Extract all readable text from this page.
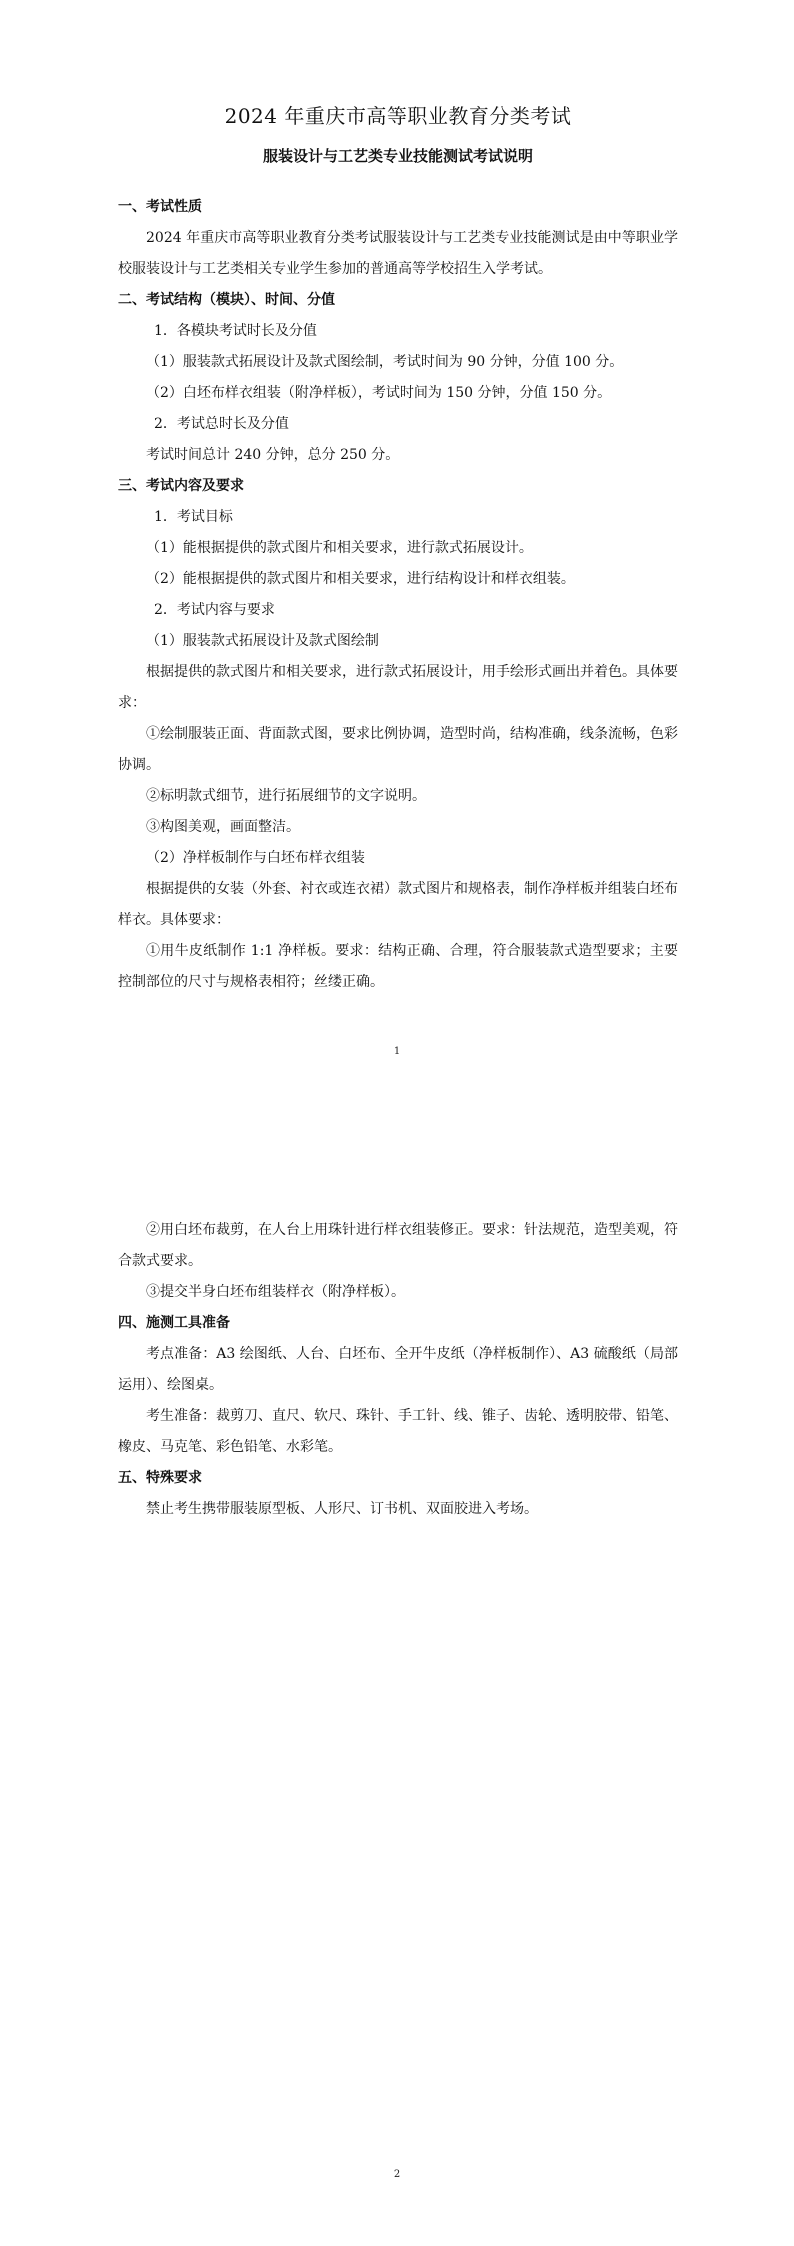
2024 年重庆市高等职业教育分类考试
服装设计与工艺类专业技能测试考试说明

一、考试性质

2024 年重庆市高等职业教育分类考试服装设计与工艺类专业技能测试是由中等职业学校服装设计与工艺类相关专业学生参加的普通高等学校招生入学考试。

二、考试结构（模块）、时间、分值

1．各模块考试时长及分值

（1）服装款式拓展设计及款式图绘制，考试时间为 90 分钟，分值 100 分。

（2）白坯布样衣组装（附净样板），考试时间为 150 分钟，分值 150 分。

2．考试总时长及分值

考试时间总计 240 分钟，总分 250 分。

三、考试内容及要求

1．考试目标

（1）能根据提供的款式图片和相关要求，进行款式拓展设计。

（2）能根据提供的款式图片和相关要求，进行结构设计和样衣组装。

2．考试内容与要求

（1）服装款式拓展设计及款式图绘制

根据提供的款式图片和相关要求，进行款式拓展设计，用手绘形式画出并着色。具体要求：

①绘制服装正面、背面款式图，要求比例协调，造型时尚，结构准确，线条流畅，色彩协调。

②标明款式细节，进行拓展细节的文字说明。

③构图美观，画面整洁。

（2）净样板制作与白坯布样衣组装

根据提供的女装（外套、衬衣或连衣裙）款式图片和规格表，制作净样板并组装白坯布样衣。具体要求：

①用牛皮纸制作 1:1 净样板。要求：结构正确、合理，符合服装款式造型要求；主要控制部位的尺寸与规格表相符；丝缕正确。

1

②用白坯布裁剪，在人台上用珠针进行样衣组装修正。要求：针法规范，造型美观，符合款式要求。

③提交半身白坯布组装样衣（附净样板）。

四、施测工具准备

考点准备：A3 绘图纸、人台、白坯布、全开牛皮纸（净样板制作）、A3 硫酸纸（局部运用）、绘图桌。

考生准备：裁剪刀、直尺、软尺、珠针、手工针、线、锥子、齿轮、透明胶带、铅笔、橡皮、马克笔、彩色铅笔、水彩笔。

五、特殊要求

禁止考生携带服装原型板、人形尺、订书机、双面胶进入考场。

2
